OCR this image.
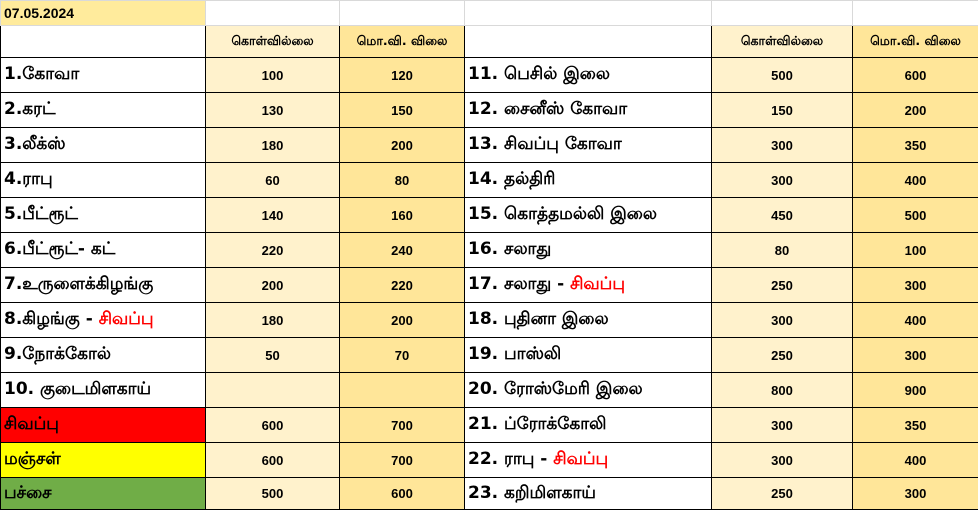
07.05.2024					
	கொள்வில்லை	மொ.வி. விலை		கொள்வில்லை	மொ.வி. விலை
1.கோவா	100	120	11. பெசில் இலை	500	600
2.கரட்	130	150	12. சைனீஸ் கோவா	150	200
3.லீக்ஸ்	180	200	13. சிவப்பு கோவா	300	350
4.ராபு	60	80	14. தல்திரி	300	400
5.பீட்ரூட்	140	160	15. கொத்தமல்லி இலை	450	500
6.பீட்ரூட்- கட்	220	240	16. சலாது	80	100
7.உருளைக்கிழங்கு	200	220	17. சலாது - சிவப்பு	250	300
8.கிழங்கு - சிவப்பு	180	200	18. புதினா இலை	300	400
9.நோக்கோல்	50	70	19. பாஸ்லி	250	300
10. குடைமிளகாய்			20. ரோஸ்மேரி இலை	800	900
சிவப்பு	600	700	21. ப்ரோக்கோலி	300	350
மஞ்சள்	600	700	22. ராபு - சிவப்பு	300	400
பச்சை	500	600	23. கறிமிளகாய்	250	300
